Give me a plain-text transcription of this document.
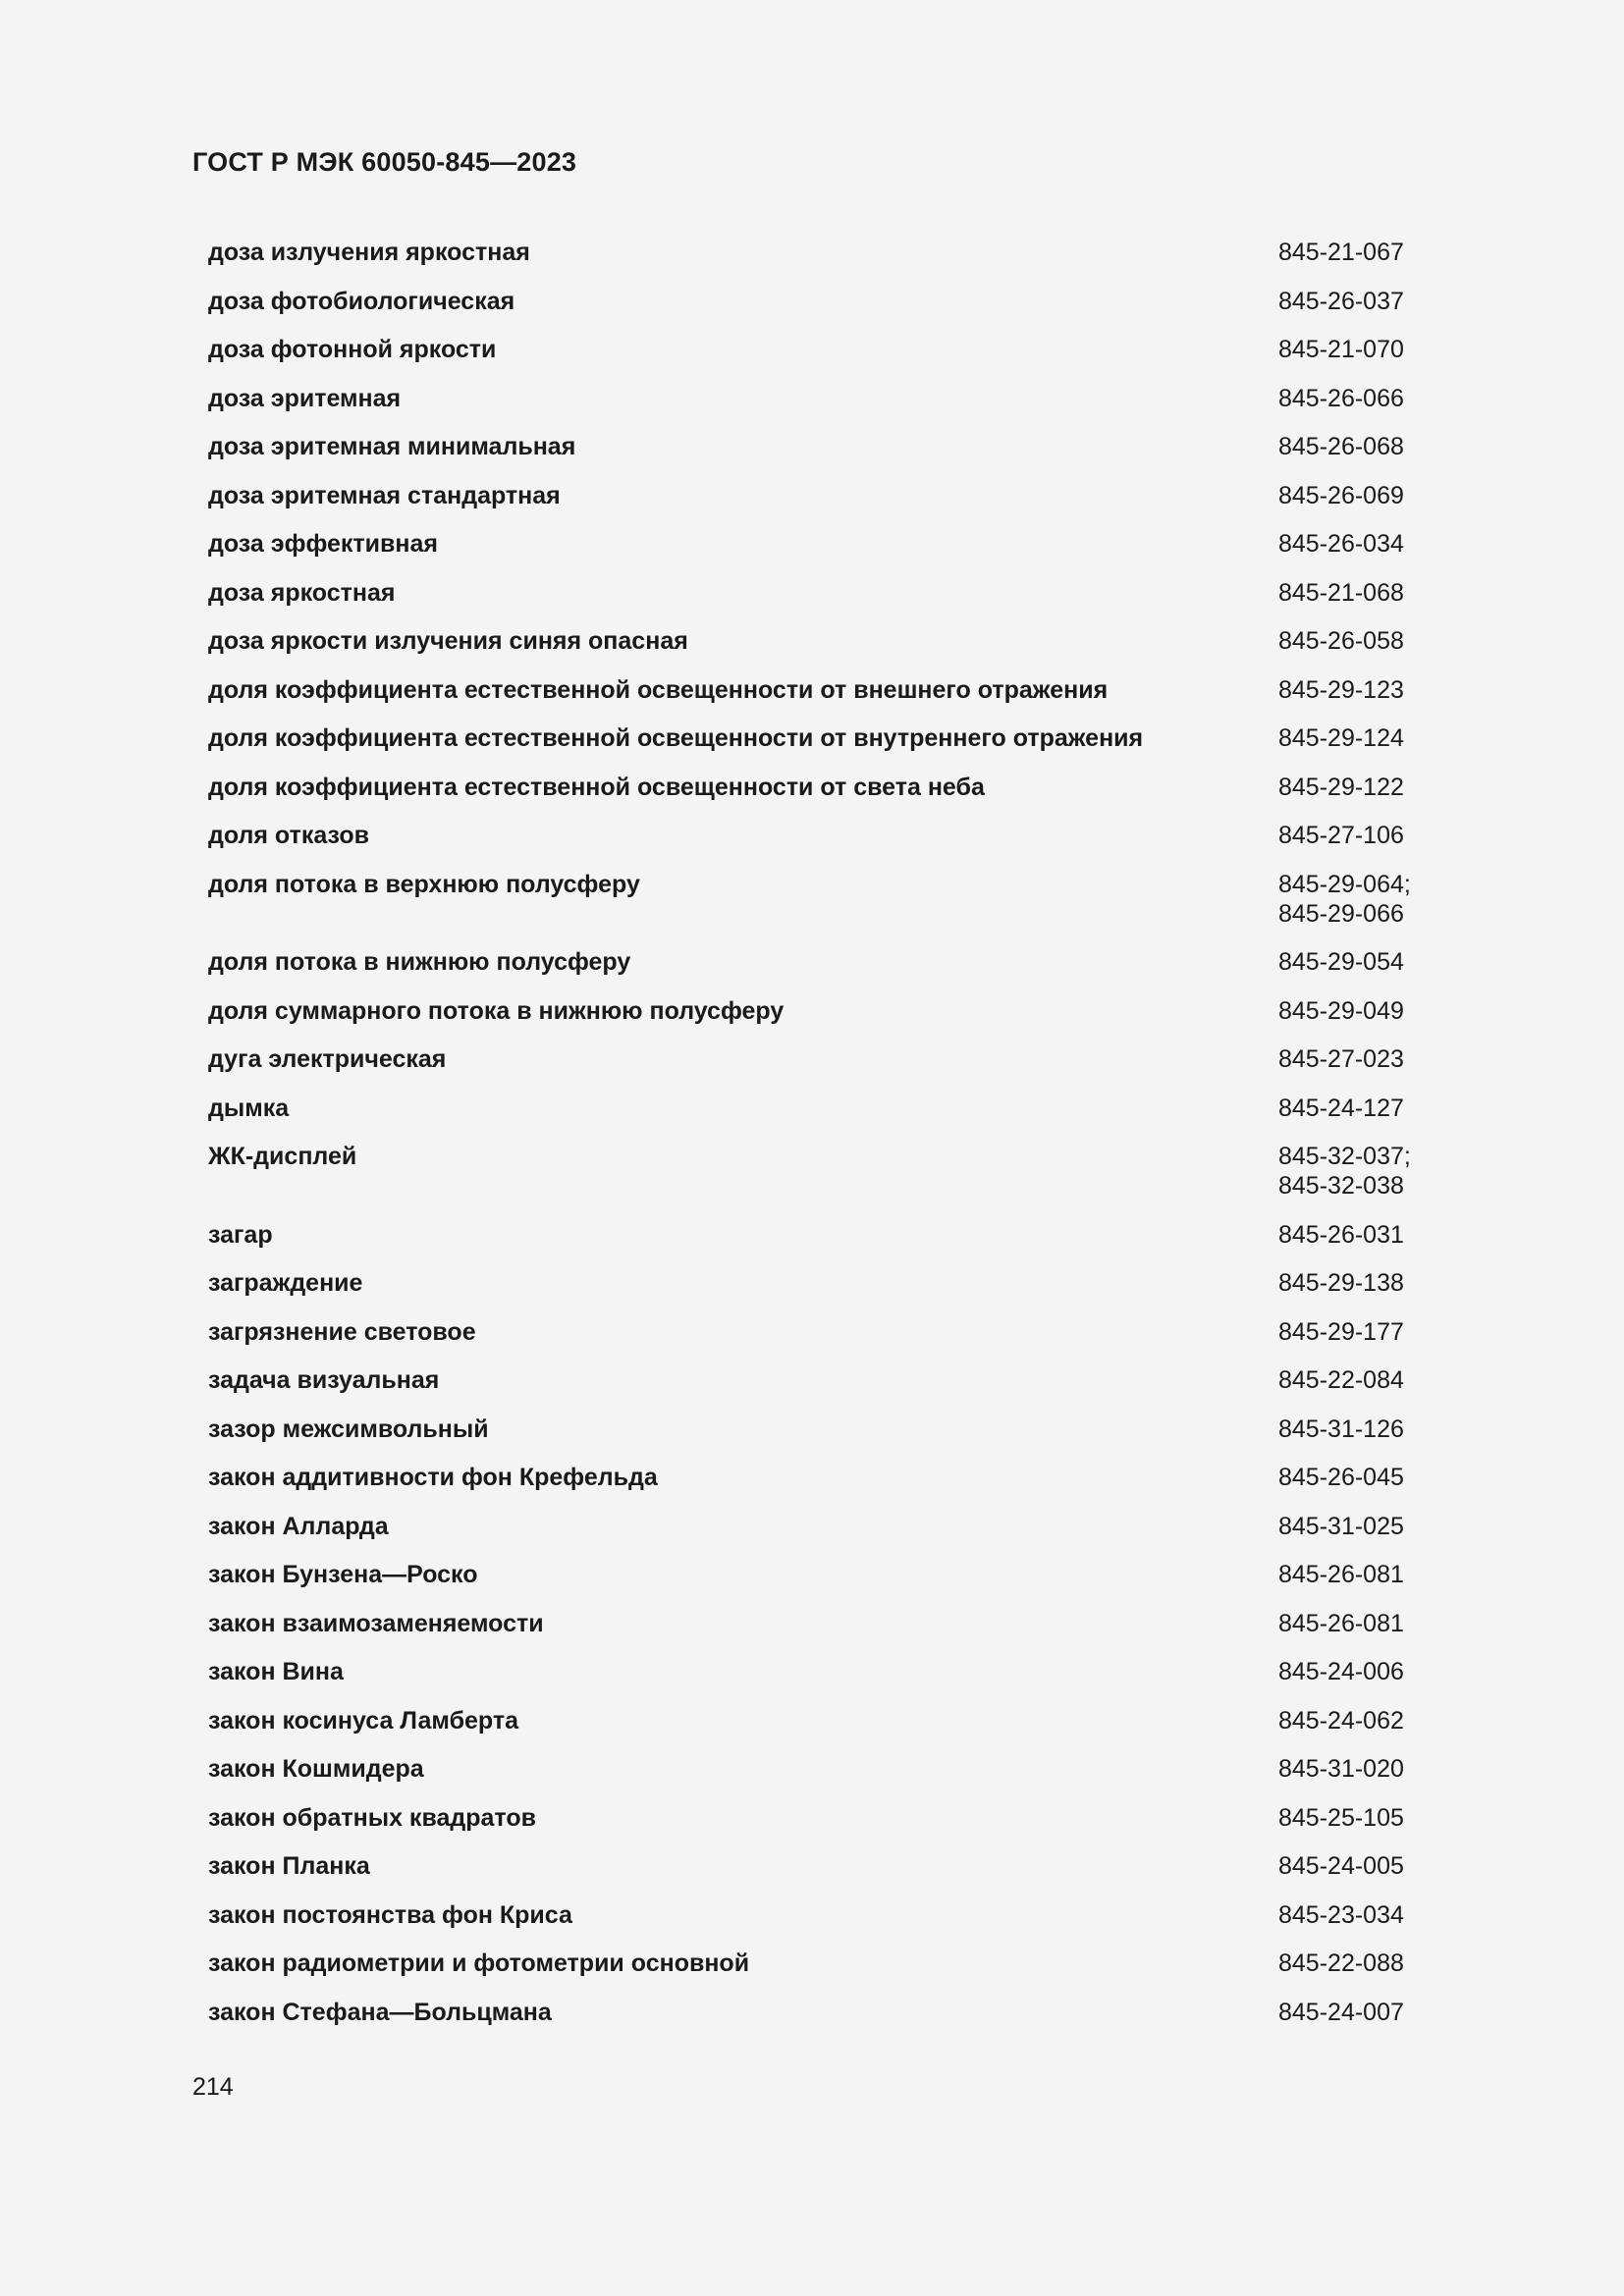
ГОСТ Р МЭК 60050-845—2023
доза излучения яркостная	845-21-067
доза фотобиологическая	845-26-037
доза фотонной яркости	845-21-070
доза эритемная	845-26-066
доза эритемная минимальная	845-26-068
доза эритемная стандартная	845-26-069
доза эффективная	845-26-034
доза яркостная	845-21-068
доза яркости излучения синяя опасная	845-26-058
доля коэффициента естественной освещенности от внешнего отражения	845-29-123
доля коэффициента естественной освещенности от внутреннего отражения	845-29-124
доля коэффициента естественной освещенности от света неба	845-29-122
доля отказов	845-27-106
доля потока в верхнюю полусферу	845-29-064;
845-29-066
доля потока в нижнюю полусферу	845-29-054
доля суммарного потока в нижнюю полусферу	845-29-049
дуга электрическая	845-27-023
дымка	845-24-127
ЖК-дисплей	845-32-037;
845-32-038
загар	845-26-031
заграждение	845-29-138
загрязнение световое	845-29-177
задача визуальная	845-22-084
зазор межсимвольный	845-31-126
закон аддитивности фон Крефельда	845-26-045
закон Алларда	845-31-025
закон Бунзена—Роско	845-26-081
закон взаимозаменяемости	845-26-081
закон Вина	845-24-006
закон косинуса Ламберта	845-24-062
закон Кошмидера	845-31-020
закон обратных квадратов	845-25-105
закон Планка	845-24-005
закон постоянства фон Криса	845-23-034
закон радиометрии и фотометрии основной	845-22-088
закон Стефана—Больцмана	845-24-007
214
